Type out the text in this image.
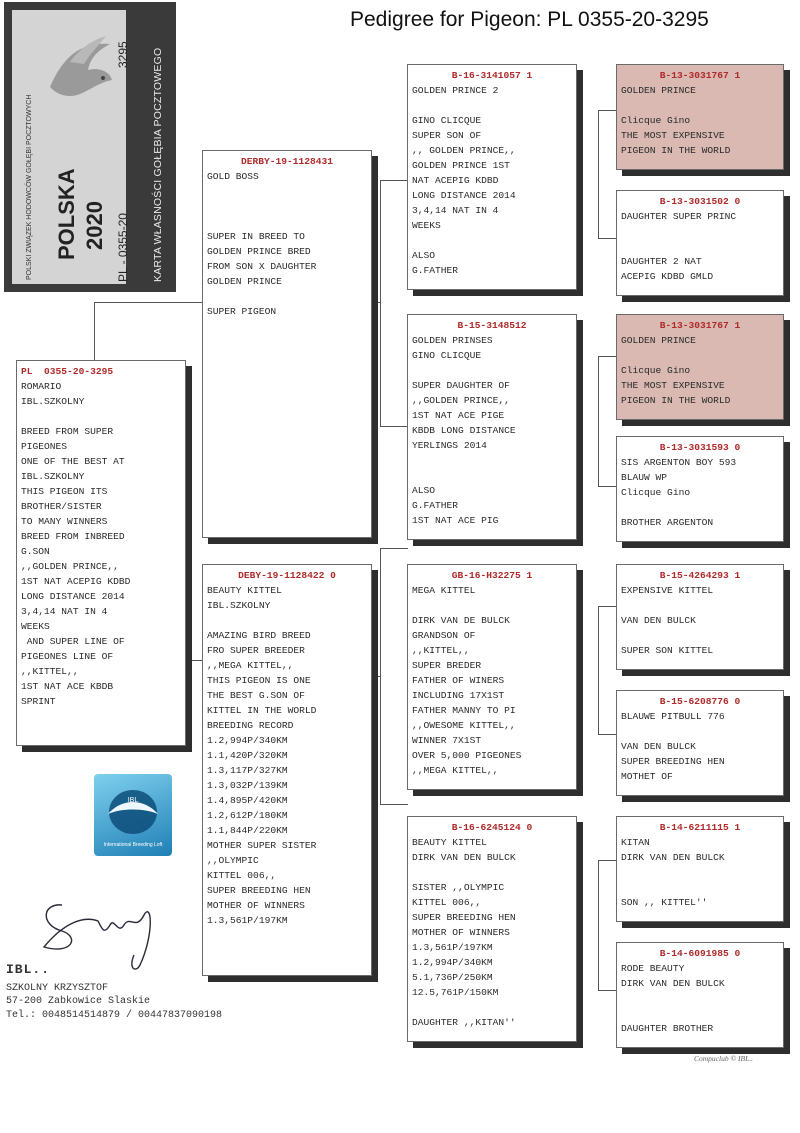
Pedigree for Pigeon: PL 0355-20-3295
POLSKI ZWIĄZEK HODOWCÓW GOŁĘBI POCZTOWYCH POLSKA 2020 PL - 0355-20
3295 KARTA WŁASNOŚCI GOŁĘBIA POCZTOWEGO
PL  0355-20-3295
ROMARIO
IBL.SZKOLNY
BREED FROM SUPER
PIGEONES
ONE OF THE BEST AT
IBL.SZKOLNY
THIS PIGEON ITS
BROTHER/SISTER
TO MANY WINNERS
BREED FROM INBREED
G.SON
,,GOLDEN PRINCE,,
1ST NAT ACEPIG KDBD
LONG DISTANCE 2014
3,4,14 NAT IN 4
WEEKS
AND SUPER LINE OF
PIGEONES LINE OF
,,KITTEL,,
1ST NAT ACE KBDB
SPRINT
DERBY-19-1128431
GOLD BOSS
SUPER IN BREED TO
GOLDEN PRINCE BRED
FROM SON X DAUGHTER
GOLDEN PRINCE
SUPER PIGEON
DEBY-19-1128422 0
BEAUTY KITTEL
IBL.SZKOLNY
AMAZING BIRD BREED
FRO SUPER BREEDER
,,MEGA KITTEL,,
THIS PIGEON IS ONE
THE BEST G.SON OF
KITTEL IN THE WORLD
BREEDING RECORD
1.2,994P/340KM
1.1,420P/320KM
1.3,117P/327KM
1.3,032P/139KM
1.4,895P/420KM
1.2,612P/180KM
1.1,844P/220KM
MOTHER SUPER SISTER
,,OLYMPIC
KITTEL 006,,
SUPER BREEDING HEN
MOTHER OF WINNERS
1.3,561P/197KM
B-16-3141057 1
GOLDEN PRINCE 2
GINO CLICQUE
SUPER SON OF
,, GOLDEN PRINCE,,
GOLDEN PRINCE 1ST
NAT ACEPIG KDBD
LONG DISTANCE 2014
3,4,14 NAT IN 4
WEEKS
ALSO
G.FATHER
B-15-3148512
GOLDEN PRINSES
GINO CLICQUE
SUPER DAUGHTER OF
,,GOLDEN PRINCE,,
1ST NAT ACE PIGE
KBDB LONG DISTANCE
YERLINGS 2014
ALSO
G.FATHER
1ST NAT ACE PIG
GB-16-H32275 1
MEGA KITTEL
DIRK VAN DE BULCK
GRANDSON OF
,,KITTEL,,
SUPER BREDER
FATHER OF WINERS
INCLUDING 17X1ST
FATHER MANNY TO PI
,,OWESOME KITTEL,,
WINNER 7X1ST
OVER 5,000 PIGEONES
,,MEGA KITTEL,,
B-16-6245124 0
BEAUTY KITTEL
DIRK VAN DEN BULCK
SISTER ,,OLYMPIC
KITTEL 006,,
SUPER BREEDING HEN
MOTHER OF WINNERS
1.3,561P/197KM
1.2,994P/340KM
5.1,736P/250KM
12.5,761P/150KM
DAUGHTER ,,KITAN''
B-13-3031767 1
GOLDEN PRINCE
Clicque Gino
THE MOST EXPENSIVE
PIGEON IN THE WORLD
B-13-3031502 0
DAUGHTER SUPER PRINC
DAUGHTER 2 NAT
ACEPIG KDBD GMLD
B-13-3031767 1
GOLDEN PRINCE
Clicque Gino
THE MOST EXPENSIVE
PIGEON IN THE WORLD
B-13-3031593 0
SIS ARGENTON BOY 593
BLAUW WP
Clicque Gino
BROTHER ARGENTON
B-15-4264293 1
EXPENSIVE KITTEL
VAN DEN BULCK
SUPER SON KITTEL
B-15-6208776 0
BLAUWE PITBULL 776
VAN DEN BULCK
SUPER BREEDING HEN
MOTHET OF
B-14-6211115 1
KITAN
DIRK VAN DEN BULCK
SON ,, KITTEL''
B-14-6091985 0
RODE BEAUTY
DIRK VAN DEN BULCK
DAUGHTER BROTHER
IBL
International Breeding Loft
IBL..
SZKOLNY KRZYSZTOF
57-200 Zabkowice Slaskie
Tel.: 0048514514879 / 00447837090198
Compuclub © IBL..
